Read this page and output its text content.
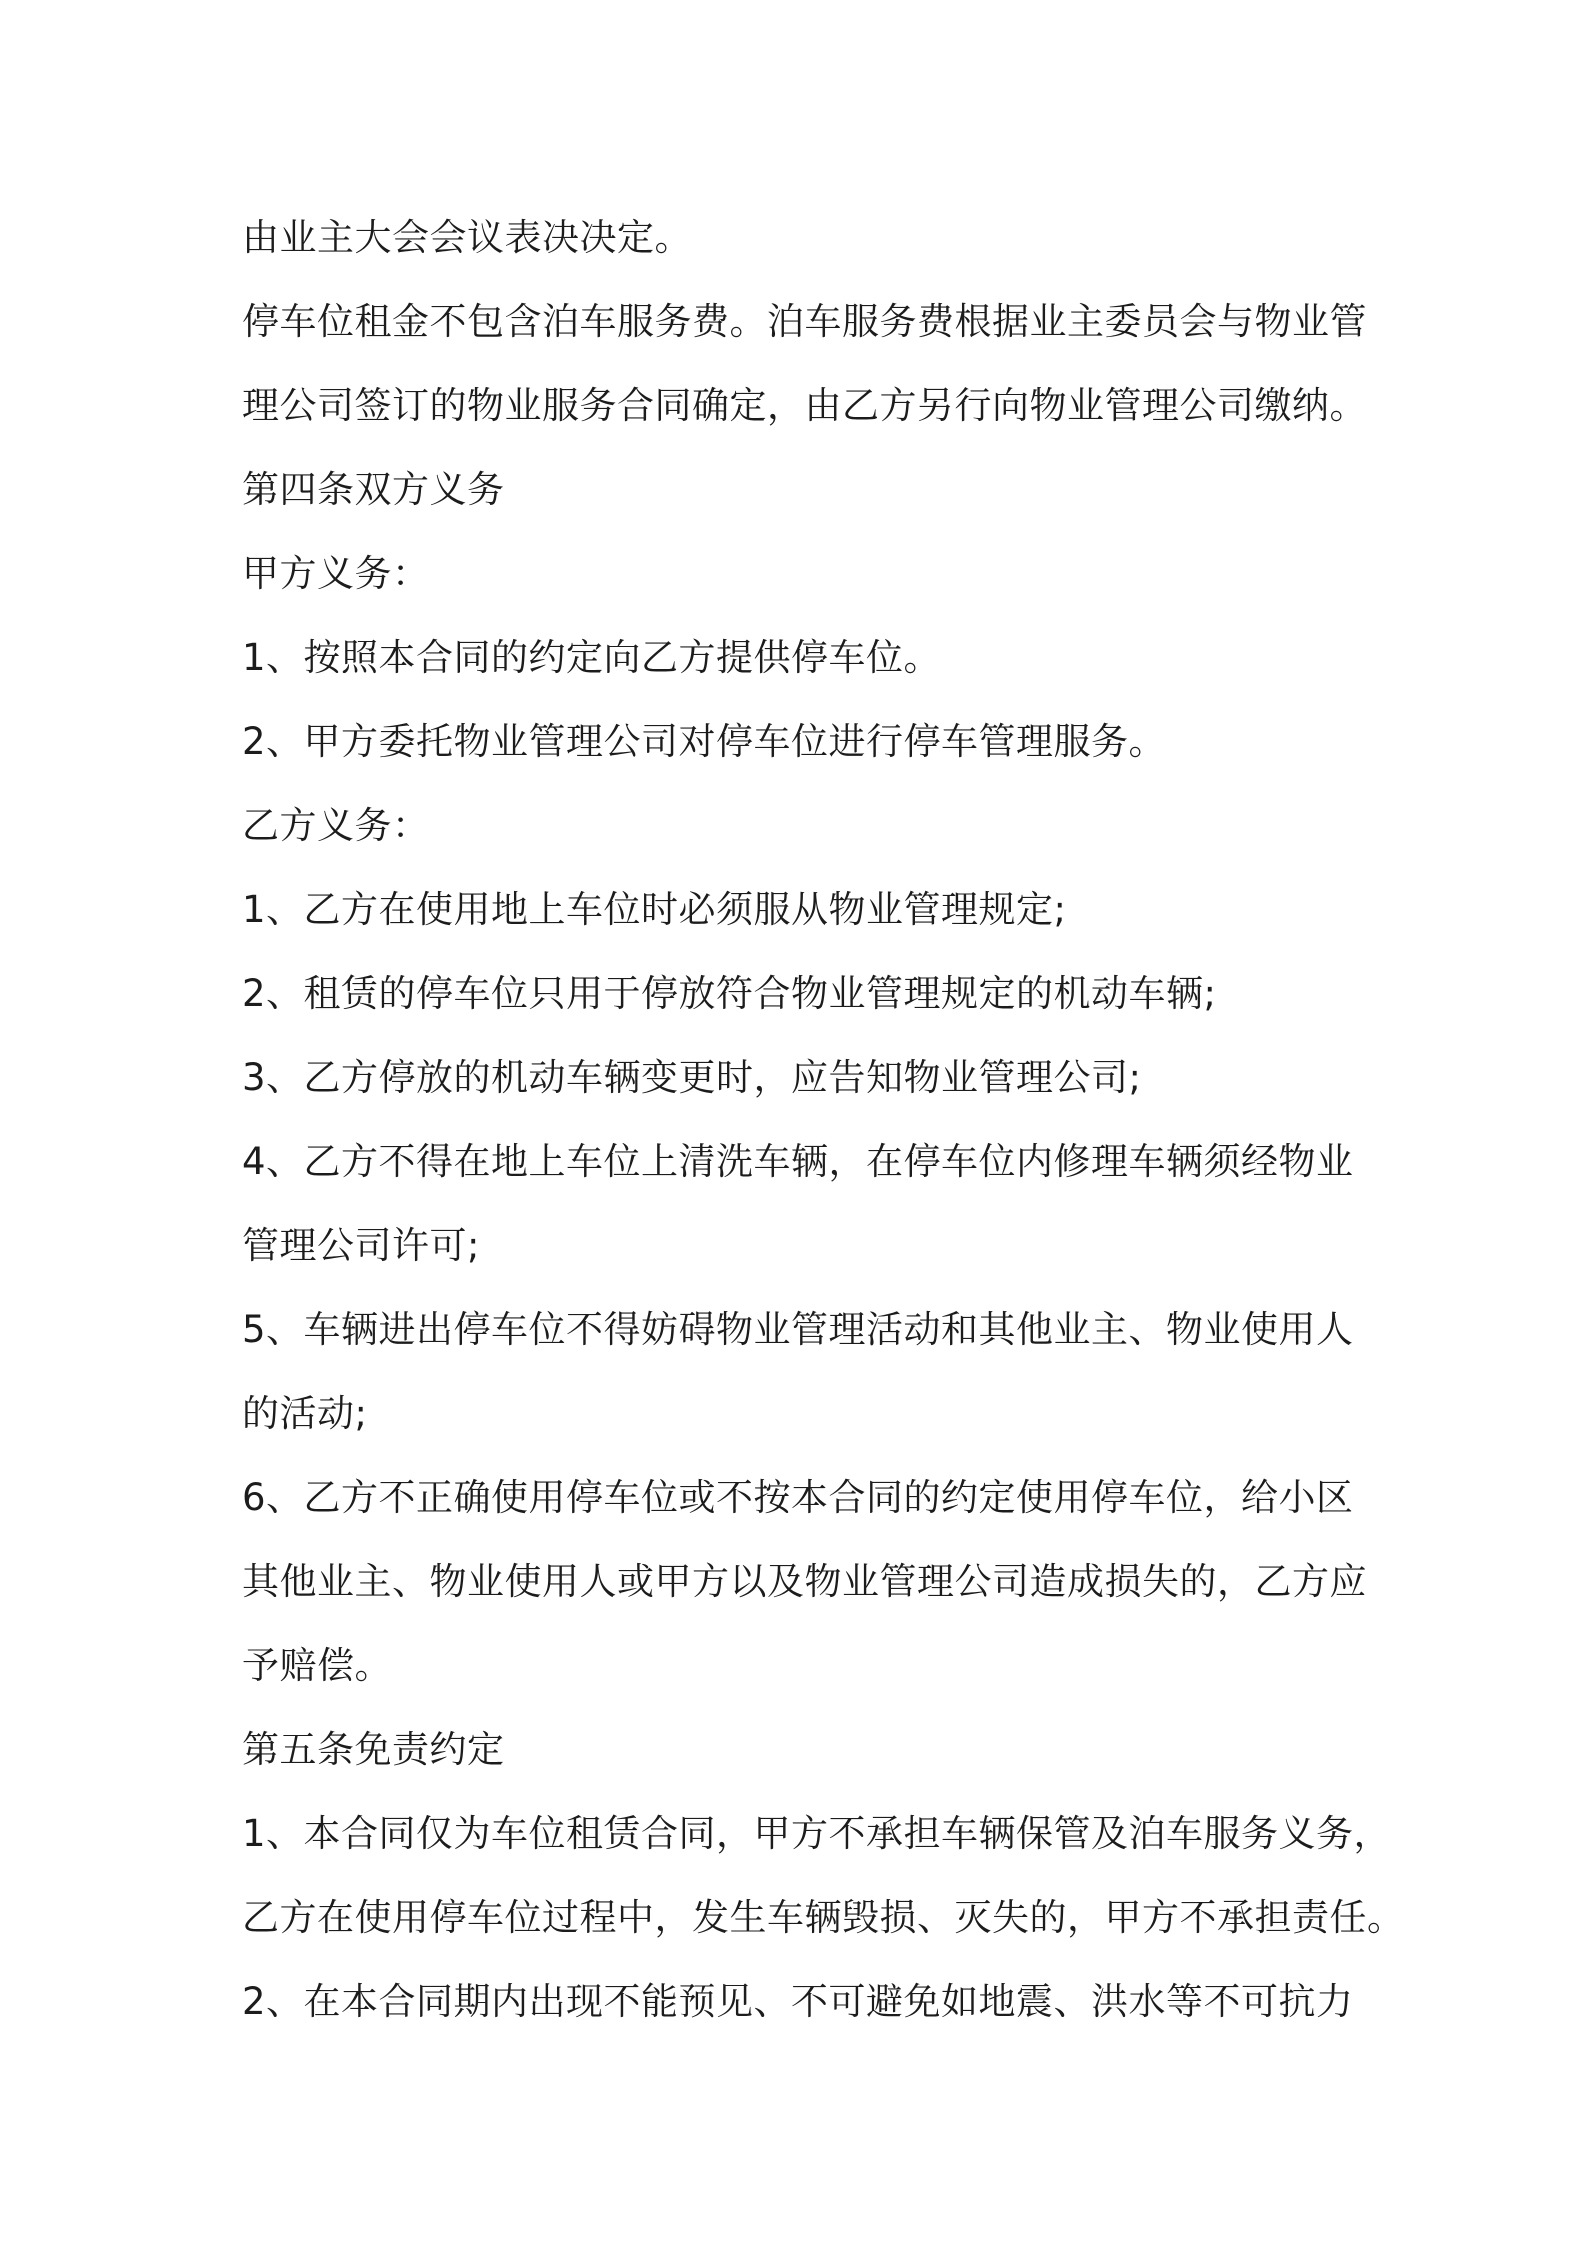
由业主大会会议表决决定。
停车位租金不包含泊车服务费。泊车服务费根据业主委员会与物业管
理公司签订的物业服务合同确定，由乙方另行向物业管理公司缴纳。
第四条双方义务
甲方义务：
1、按照本合同的约定向乙方提供停车位。
2、甲方委托物业管理公司对停车位进行停车管理服务。
乙方义务：
1、乙方在使用地上车位时必须服从物业管理规定;
2、租赁的停车位只用于停放符合物业管理规定的机动车辆;
3、乙方停放的机动车辆变更时，应告知物业管理公司;
4、乙方不得在地上车位上清洗车辆，在停车位内修理车辆须经物业
管理公司许可;
5、车辆进出停车位不得妨碍物业管理活动和其他业主、物业使用人
的活动;
6、乙方不正确使用停车位或不按本合同的约定使用停车位，给小区
其他业主、物业使用人或甲方以及物业管理公司造成损失的，乙方应
予赔偿。
第五条免责约定
1、本合同仅为车位租赁合同，甲方不承担车辆保管及泊车服务义务，
乙方在使用停车位过程中，发生车辆毁损、灭失的，甲方不承担责任。
2、在本合同期内出现不能预见、不可避免如地震、洪水等不可抗力
